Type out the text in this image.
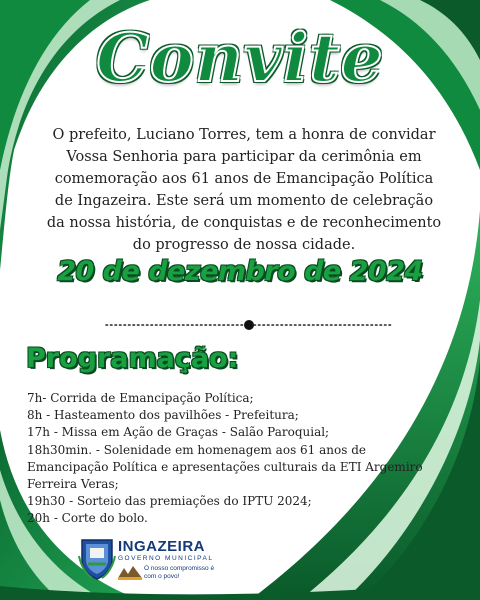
Convite
O prefeito, Luciano Torres, tem a honra de convidar Vossa Senhoria para participar da cerimônia em comemoração aos 61 anos de Emancipação Política de Ingazeira. Este será um momento de celebração da nossa história, de conquistas e de reconhecimento do progresso de nossa cidade.
20 de dezembro de 2024
Programação:
7h- Corrida de Emancipação Política;
8h - Hasteamento dos pavilhões - Prefeitura;
17h - Missa em Ação de Graças - Salão Paroquial;
18h30min. - Solenidade em homenagem aos 61 anos de Emancipação Política e apresentações culturais da ETI Argemiro Ferreira Veras;
19h30 - Sorteio das premiações do IPTU 2024;
20h - Corte do bolo.
INGAZEIRA
GOVERNO MUNICIPAL
O nosso compromisso é com o povo!
